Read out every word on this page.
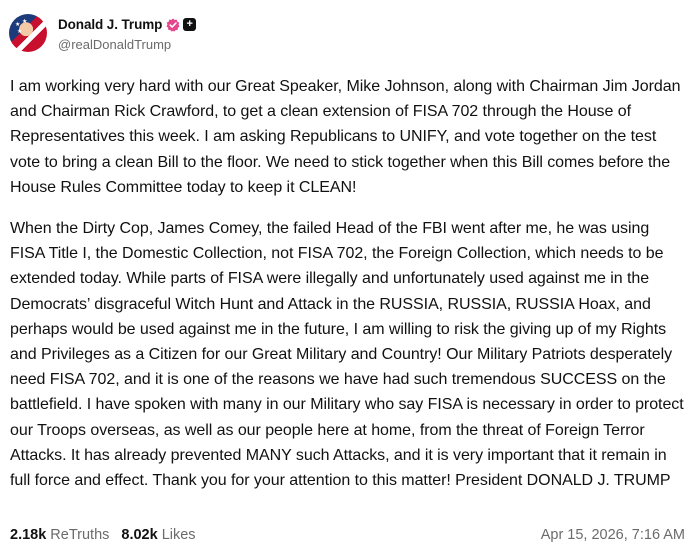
★ ★
★	Donald J. Trump +
@realDonaldTrump

I am working very hard with our Great Speaker, Mike Johnson, along with Chairman Jim Jordan and Chairman Rick Crawford, to get a clean extension of FISA 702 through the House of Representatives this week. I am asking Republicans to UNIFY, and vote together on the test vote to bring a clean Bill to the floor. We need to stick together when this Bill comes before the House Rules Committee today to keep it CLEAN!

When the Dirty Cop, James Comey, the failed Head of the FBI went after me, he was using FISA Title I, the Domestic Collection, not FISA 702, the Foreign Collection, which needs to be extended today. While parts of FISA were illegally and unfortunately used against me in the Democrats’ disgraceful Witch Hunt and Attack in the RUSSIA, RUSSIA, RUSSIA Hoax, and perhaps would be used against me in the future, I am willing to risk the giving up of my Rights and Privileges as a Citizen for our Great Military and Country! Our Military Patriots desperately need FISA 702, and it is one of the reasons we have had such tremendous SUCCESS on the battlefield. I have spoken with many in our Military who say FISA is necessary in order to protect our Troops overseas, as well as our people here at home, from the threat of Foreign Terror Attacks. It has already prevented MANY such Attacks, and it is very important that it remain in full force and effect. Thank you for your attention to this matter! President DONALD J. TRUMP

2.18k ReTruths 8.02k Likes	Apr 15, 2026, 7:16 AM
